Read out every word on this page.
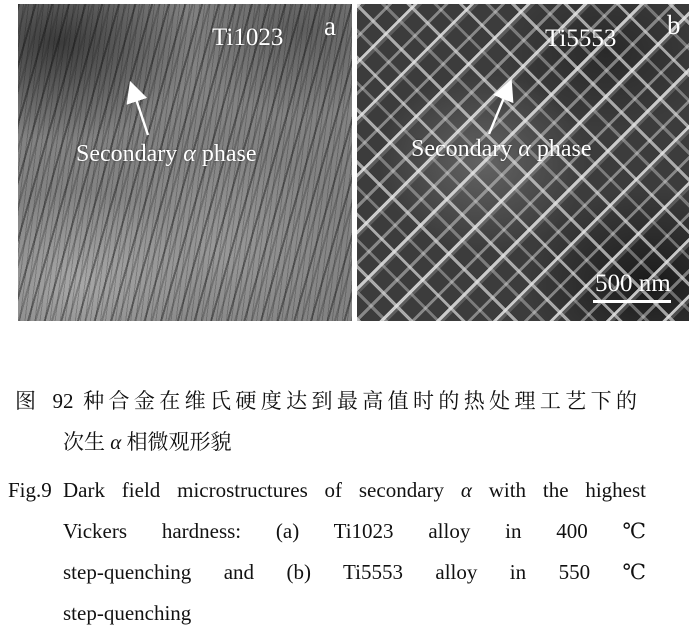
Ti1023 a
Secondary α phase
Ti5553 b
Secondary α phase
500 nm
图 92 种合金在维氏硬度达到最高值时的热处理工艺下的
次生 α 相微观形貌
Fig.9 Dark field microstructures of secondary α with the highest
Vickers hardness: (a) Ti1023 alloy in 400 ℃
step-quenching and (b) Ti5553 alloy in 550 ℃
step-quenching
